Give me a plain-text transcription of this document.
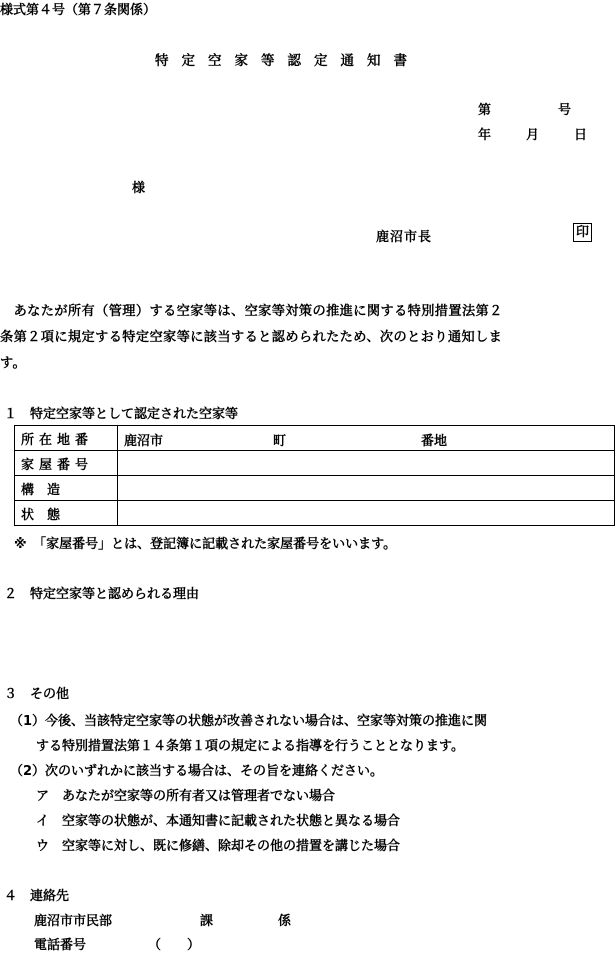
様式第４号（第７条関係）
特定空家等認定通知書
第　　　　号
年　　月　　日
様
鹿沼市長	印
　あなたが所有（管理）する空家等は、空家等対策の推進に関する特別措置法第２
条第２項に規定する特定空家等に該当すると認められたため、次のとおり通知しま
す。
１　特定空家等として認定された空家等
所在地番	鹿沼市 町 番地

家屋番号	

構　造	

状　態	

※　「家屋番号」とは、登記簿に記載された家屋番号をいいます。
２　特定空家等と認められる理由
３　その他
（1）今後、当該特定空家等の状態が改善されない場合は、空家等対策の推進に関
　　する特別措置法第１４条第１項の規定による指導を行うこととなります。
（2）次のいずれかに該当する場合は、その旨を連絡ください。
　　ア　あなたが空家等の所有者又は管理者でない場合
　　イ　空家等の状態が、本通知書に記載された状態と異なる場合
　　ウ　空家等に対し、既に修繕、除却その他の措置を講じた場合
４　連絡先
鹿沼市市民部	課	係
電話番号	（　　）
